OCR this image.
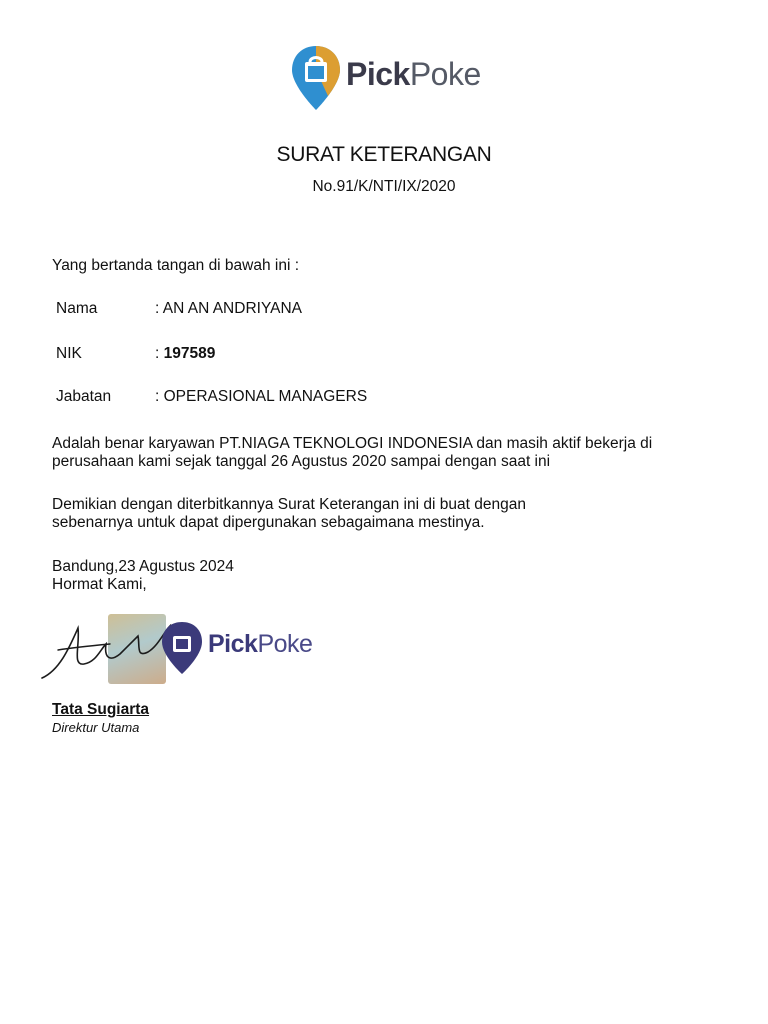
PickPoke
SURAT KETERANGAN
No.91/K/NTI/IX/2020
Yang bertanda tangan di bawah ini :
Nama	: AN AN ANDRIYANA
NIK	: 197589
Jabatan	: OPERASIONAL MANAGERS
Adalah benar karyawan PT.NIAGA TEKNOLOGI INDONESIA dan masih aktif bekerja di
perusahaan kami sejak tanggal 26 Agustus 2020 sampai dengan saat ini
Demikian dengan diterbitkannya Surat Keterangan ini di buat dengan
sebenarnya untuk dapat dipergunakan sebagaimana mestinya.
Bandung,23 Agustus 2024
Hormat Kami,
PickPoke
Tata Sugiarta
Direktur Utama
